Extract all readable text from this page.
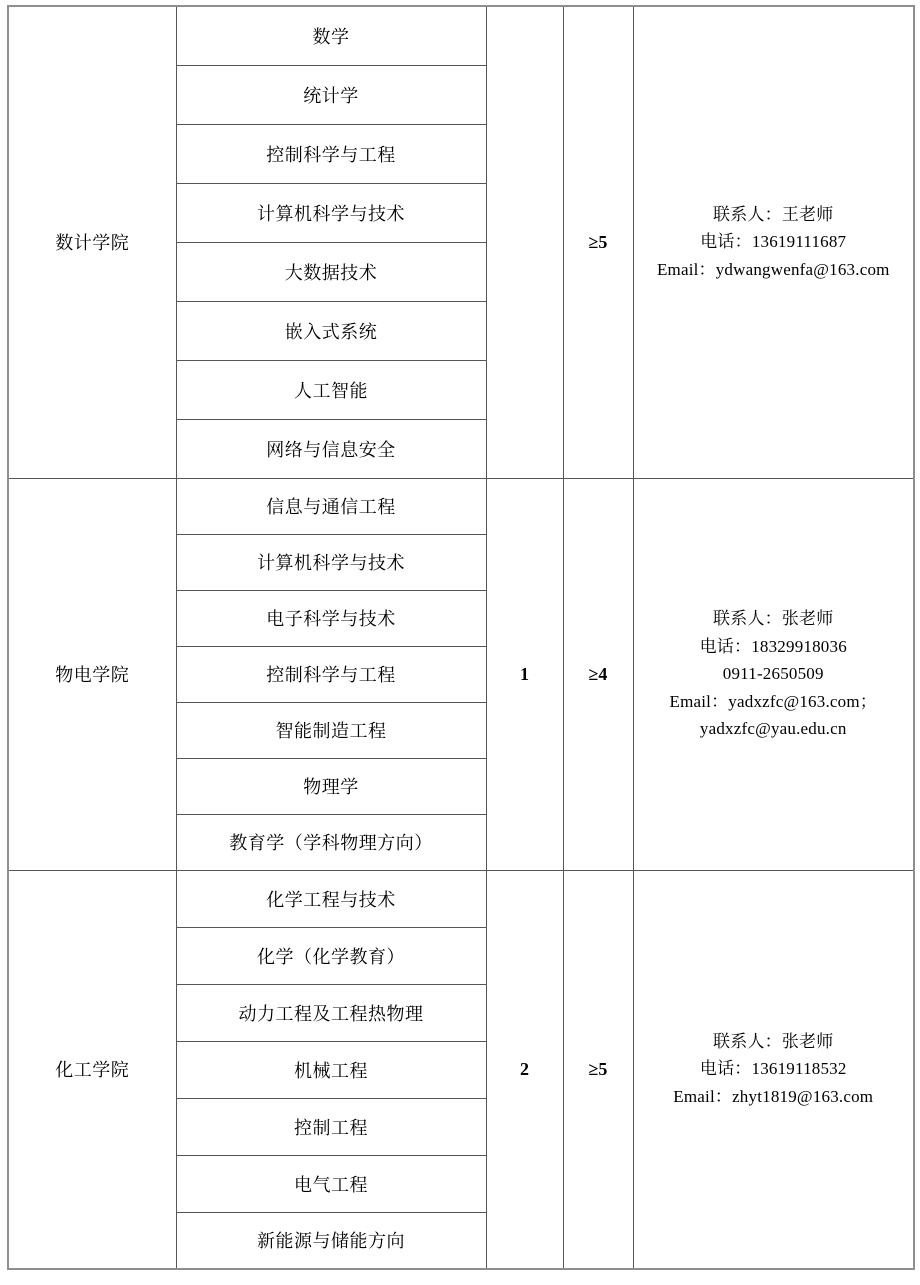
数计学院	数学		≥5	联系人：王老师
电话：13619111687
Email：ydwangwenfa@163.com

	统计学			
	控制科学与工程			
	计算机科学与技术			
	大数据技术			
	嵌入式系统			
	人工智能			
	网络与信息安全			
物电学院	信息与通信工程	1	≥4	联系人：张老师
电话：18329918036
0911-2650509
Email：yadxzfc@163.com；
yadxzfc@yau.edu.cn

	计算机科学与技术			
	电子科学与技术			
	控制科学与工程			
	智能制造工程			
	物理学			
	教育学（学科物理方向）			
化工学院	化学工程与技术	2	≥5	联系人：张老师
电话：13619118532
Email：zhyt1819@163.com

	化学（化学教育）			
	动力工程及工程热物理			
	机械工程			
	控制工程			
	电气工程			
	新能源与储能方向			
